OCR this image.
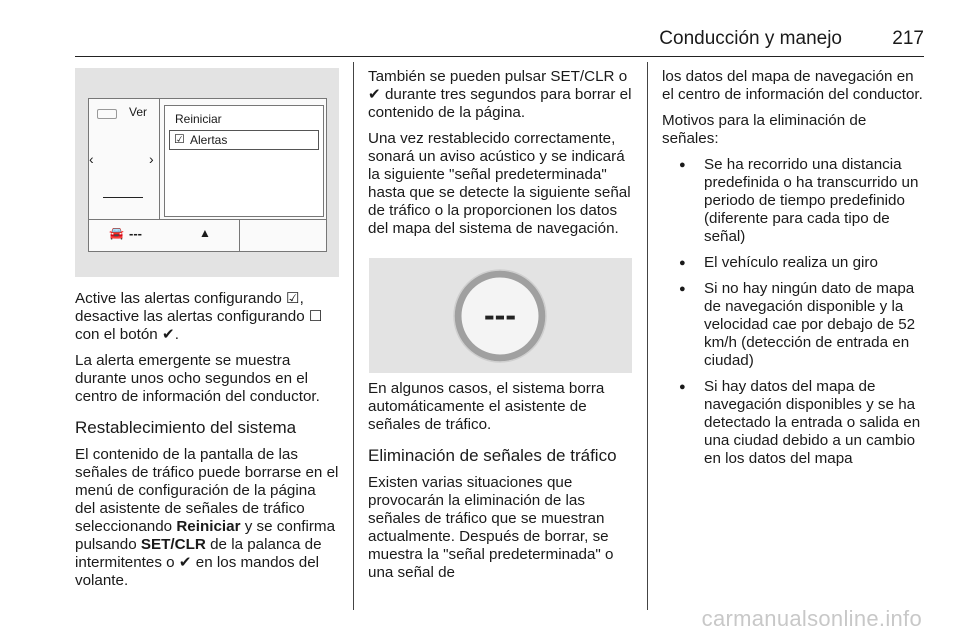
Conducción y manejo	217
‹	›
Ver Reiniciar
☑ Alertas
🚘 ---	▲

Active las alertas configurando ☑, desactive las alertas configurando ☐ con el botón ✔.

La alerta emergente se muestra durante unos ocho segundos en el centro de información del conductor.

Restablecimiento del sistema

El contenido de la pantalla de las señales de tráfico puede borrarse en el menú de configuración de la página del asistente de señales de tráfico seleccionando Reiniciar y se confirma pulsando SET/CLR de la palanca de intermitentes o ✔ en los mandos del volante.

También se pueden pulsar SET/CLR o ✔ durante tres segundos para borrar el contenido de la página.

Una vez restablecido correctamente, sonará un aviso acústico y se indicará la siguiente "señal predeterminada" hasta que se detecte la siguiente señal de tráfico o la proporcionen los datos del mapa del sistema de navegación.

---

En algunos casos, el sistema borra automáticamente el asistente de señales de tráfico.

Eliminación de señales de tráfico

Existen varias situaciones que provocarán la eliminación de las señales de tráfico que se muestran actualmente. Después de borrar, se muestra la "señal predeterminada" o una señal de

los datos del mapa de navegación en el centro de información del conductor.

Motivos para la eliminación de señales:

● Se ha recorrido una distancia predefinida o ha transcurrido un periodo de tiempo predefinido (diferente para cada tipo de señal)
● El vehículo realiza un giro
● Si no hay ningún dato de mapa de navegación disponible y la velocidad cae por debajo de 52 km/h (detección de entrada en ciudad)
● Si hay datos del mapa de navegación disponibles y se ha detectado la entrada o salida en una ciudad debido a un cambio en los datos del mapa
carmanualsonline.info
